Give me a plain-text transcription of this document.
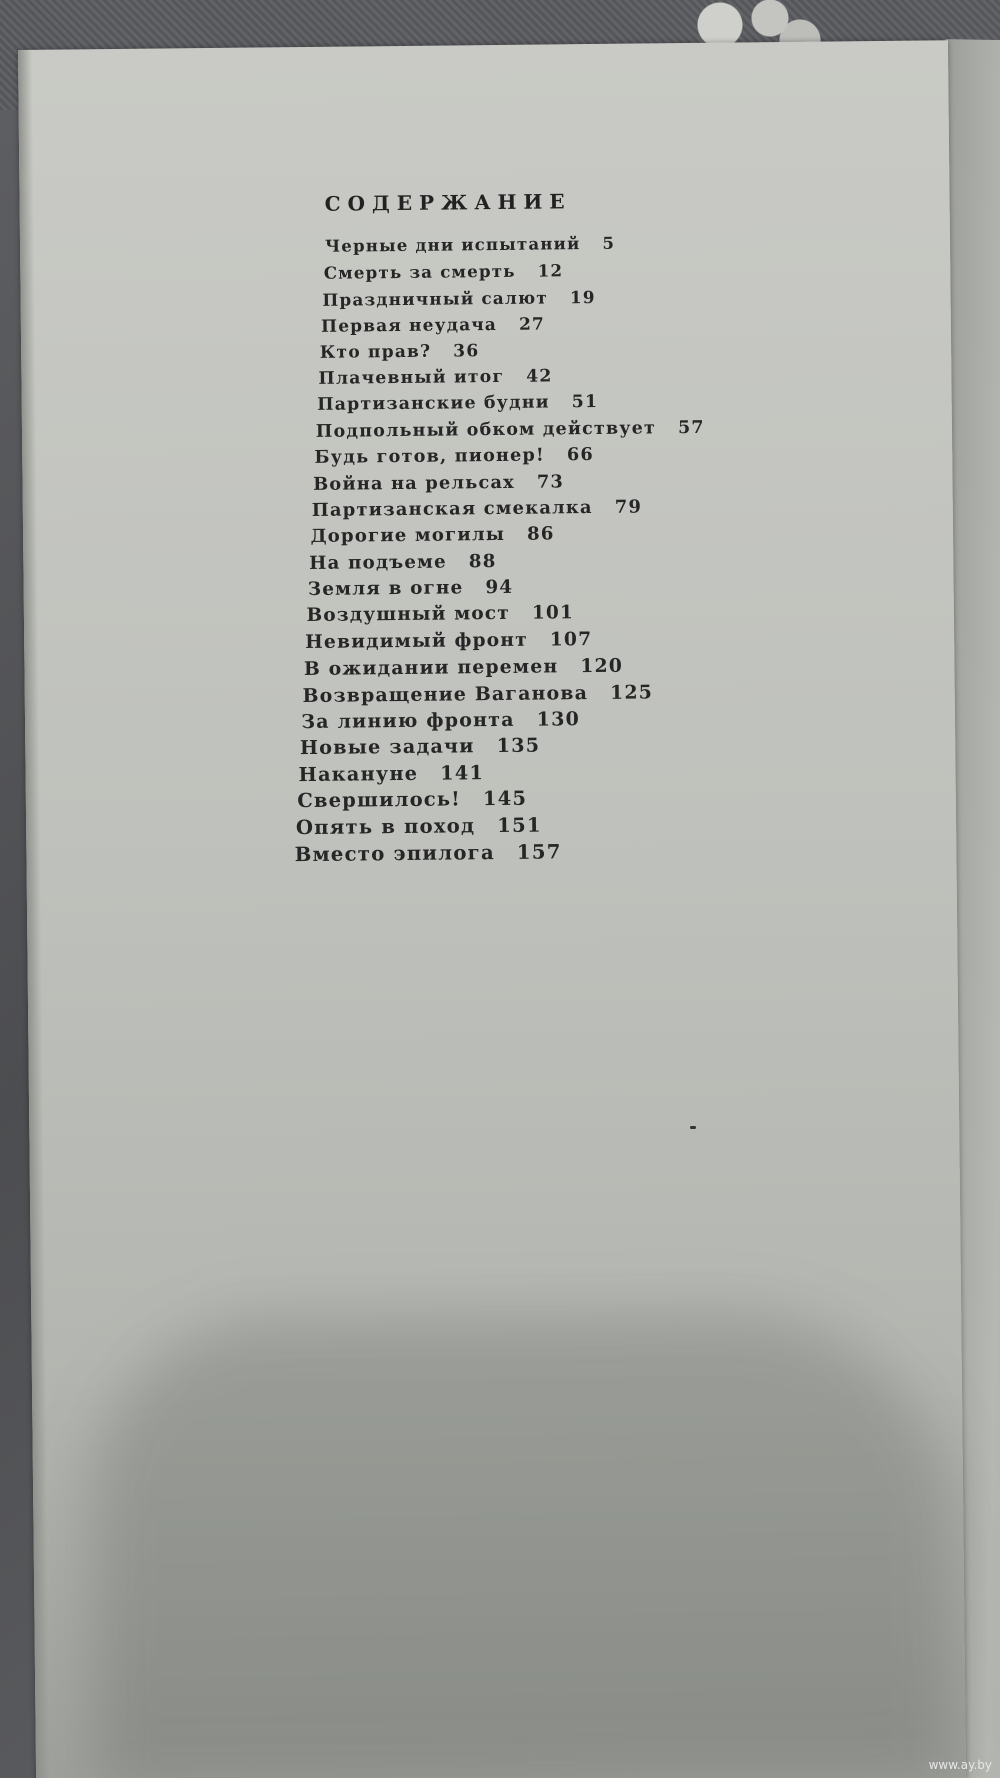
СОДЕРЖАНИЕ
Черные дни испытаний 5
Смерть за смерть 12
Праздничный салют 19
Первая неудача 27
Кто прав? 36
Плачевный итог 42
Партизанские будни 51
Подпольный обком действует 57
Будь готов, пионер! 66
Война на рельсах 73
Партизанская смекалка 79
Дорогие могилы 86
На подъеме 88
Земля в огне 94
Воздушный мост 101
Невидимый фронт 107
В ожидании перемен 120
Возвращение Ваганова 125
За линию фронта 130
Новые задачи 135
Накануне 141
Свершилось! 145
Опять в поход 151
Вместо эпилога 157
www.ay.by
